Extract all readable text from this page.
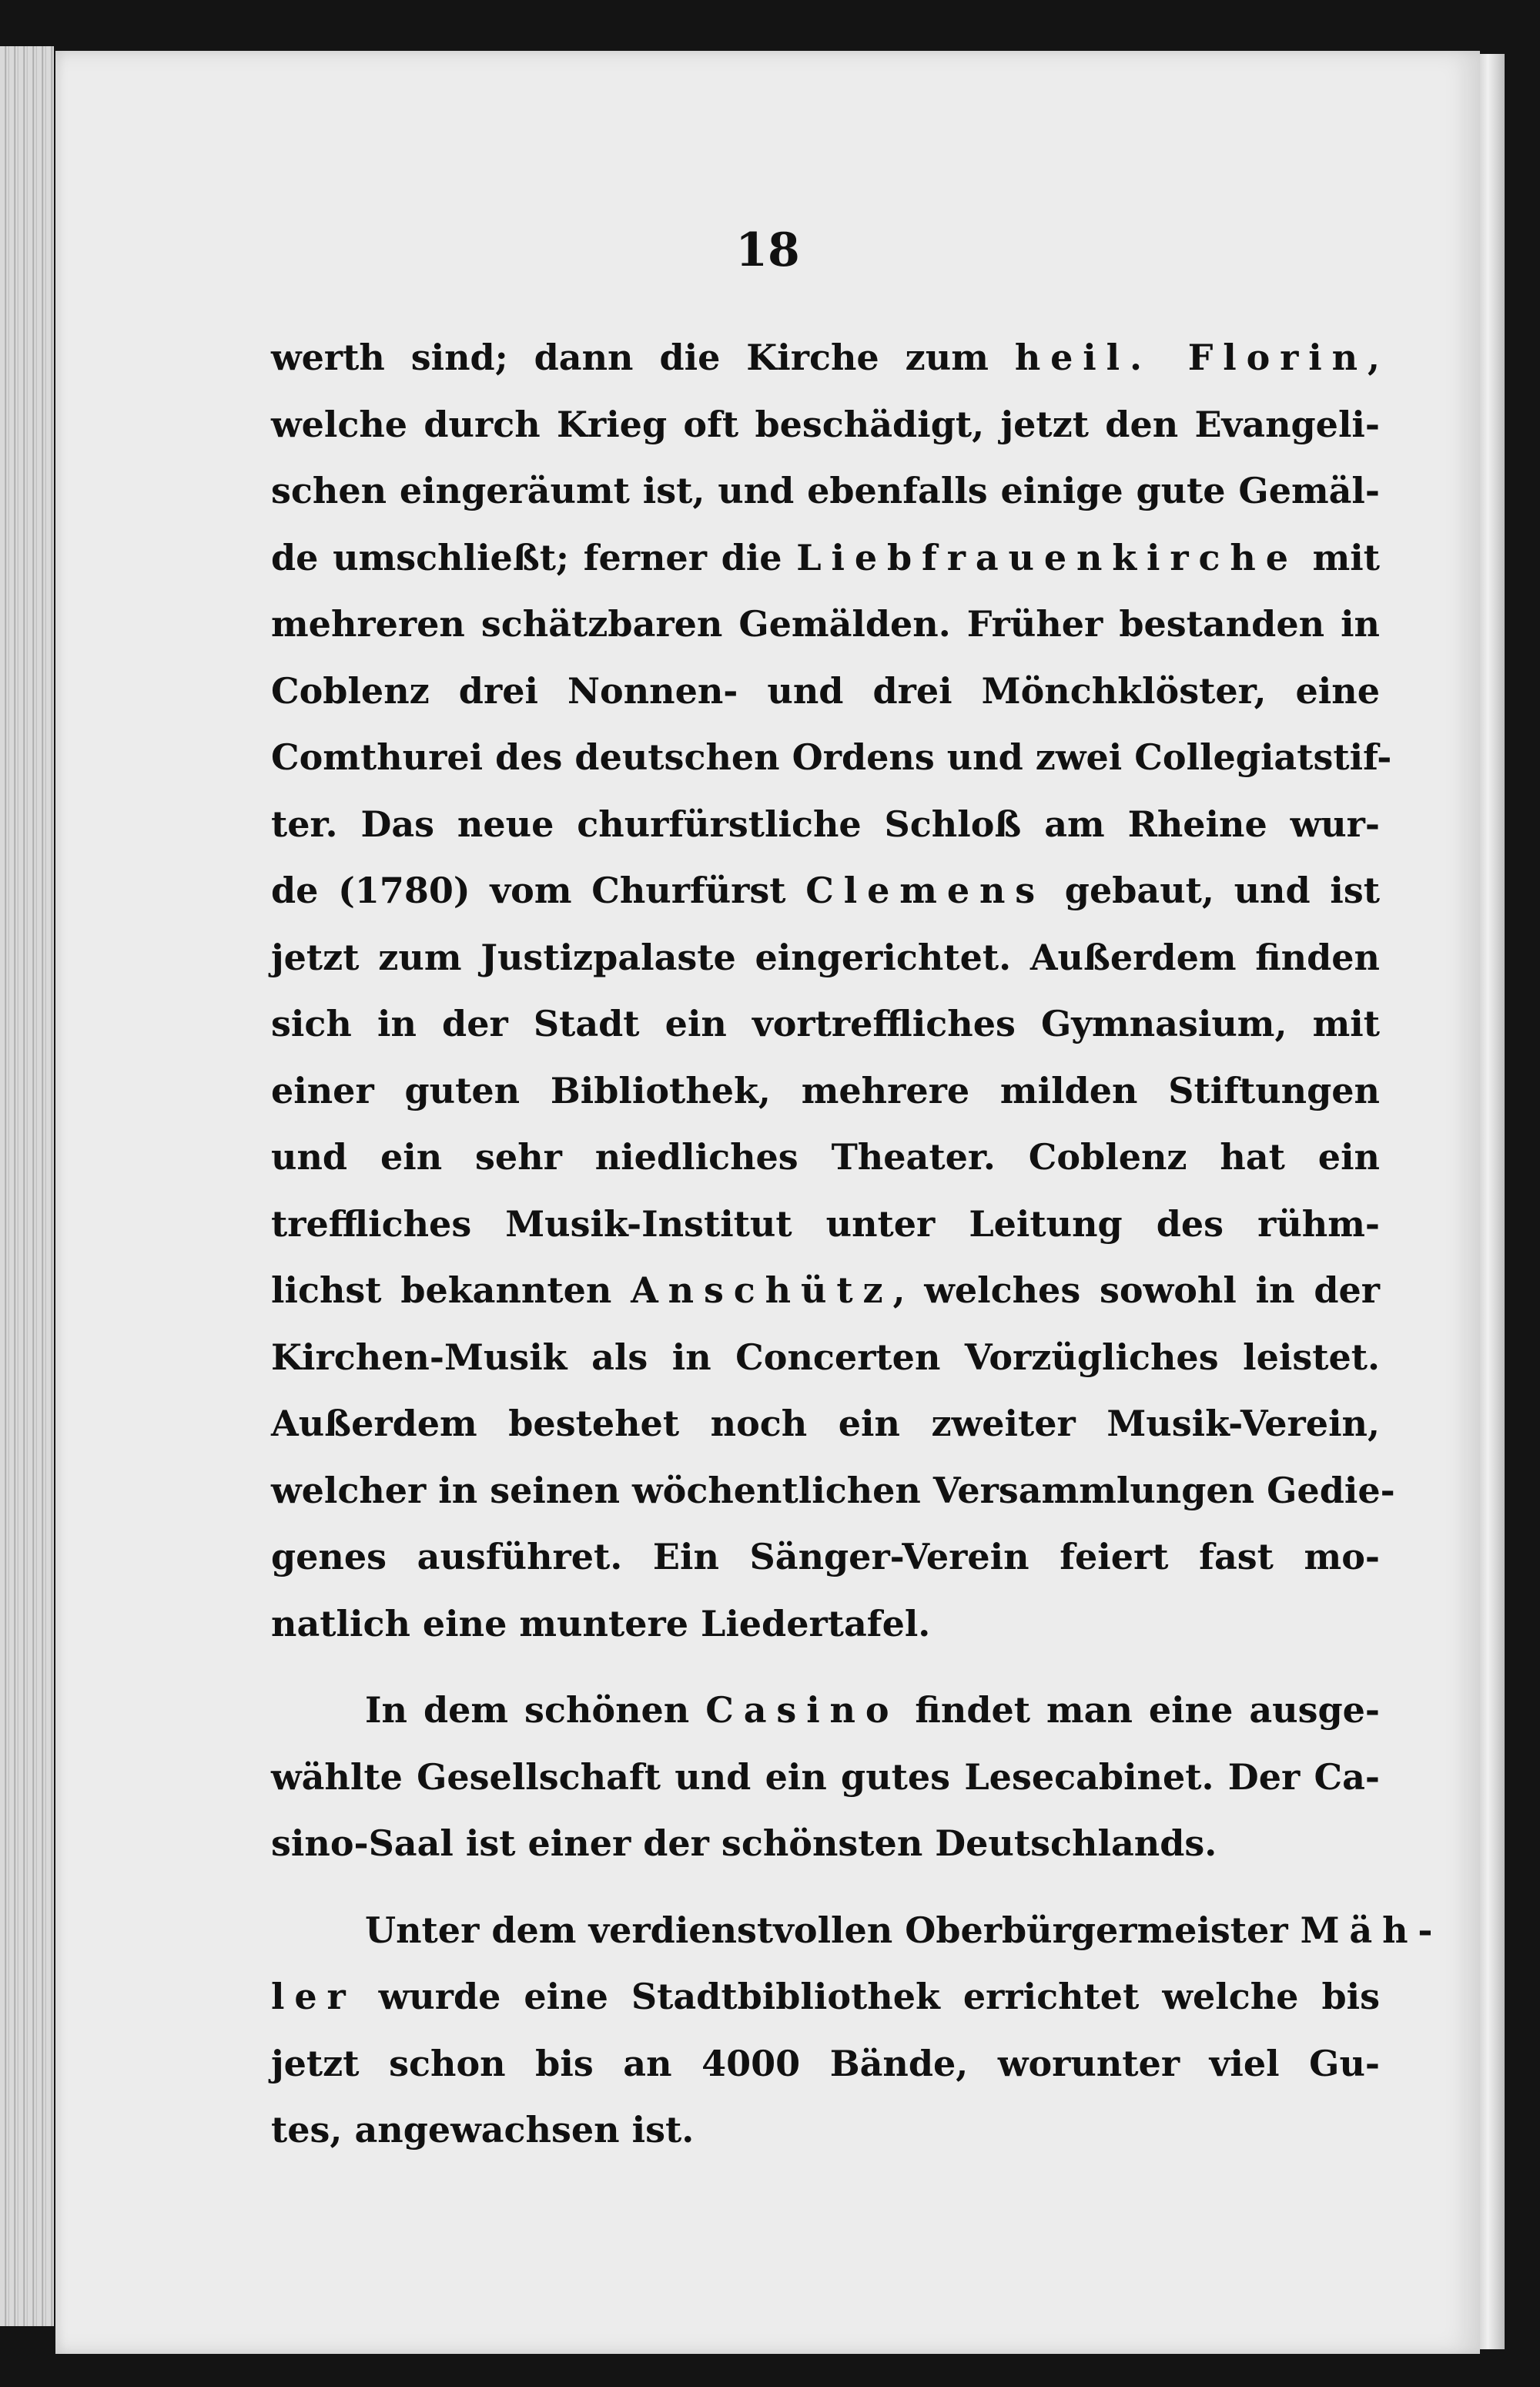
18

werth sind; dann die Kirche zum heil. Florin,
welche durch Krieg oft beschädigt, jetzt den Evangeli-
schen eingeräumt ist, und ebenfalls einige gute Gemäl-
de umschließt; ferner die Liebfrauenkirche mit
mehreren schätzbaren Gemälden. Früher bestanden in
Coblenz drei Nonnen- und drei Mönchklöster, eine
Comthurei des deutschen Ordens und zwei Collegiatstif-
ter. Das neue churfürstliche Schloß am Rheine wur-
de (1780) vom Churfürst Clemens gebaut, und ist
jetzt zum Justizpalaste eingerichtet. Außerdem finden
sich in der Stadt ein vortreffliches Gymnasium, mit
einer guten Bibliothek, mehrere milden Stiftungen
und ein sehr niedliches Theater. Coblenz hat ein
treffliches Musik-Institut unter Leitung des rühm-
lichst bekannten Anschütz, welches sowohl in der
Kirchen-Musik als in Concerten Vorzügliches leistet.
Außerdem bestehet noch ein zweiter Musik-Verein,
welcher in seinen wöchentlichen Versammlungen Gedie-
genes ausführet. Ein Sänger-Verein feiert fast mo-
natlich eine muntere Liedertafel.
In dem schönen Casino findet man eine ausge-
wählte Gesellschaft und ein gutes Lesecabinet. Der Ca-
sino-Saal ist einer der schönsten Deutschlands.
Unter dem verdienstvollen Oberbürgermeister Mäh-
ler wurde eine Stadtbibliothek errichtet welche bis
jetzt schon bis an 4000 Bände, worunter viel Gu-
tes, angewachsen ist.
